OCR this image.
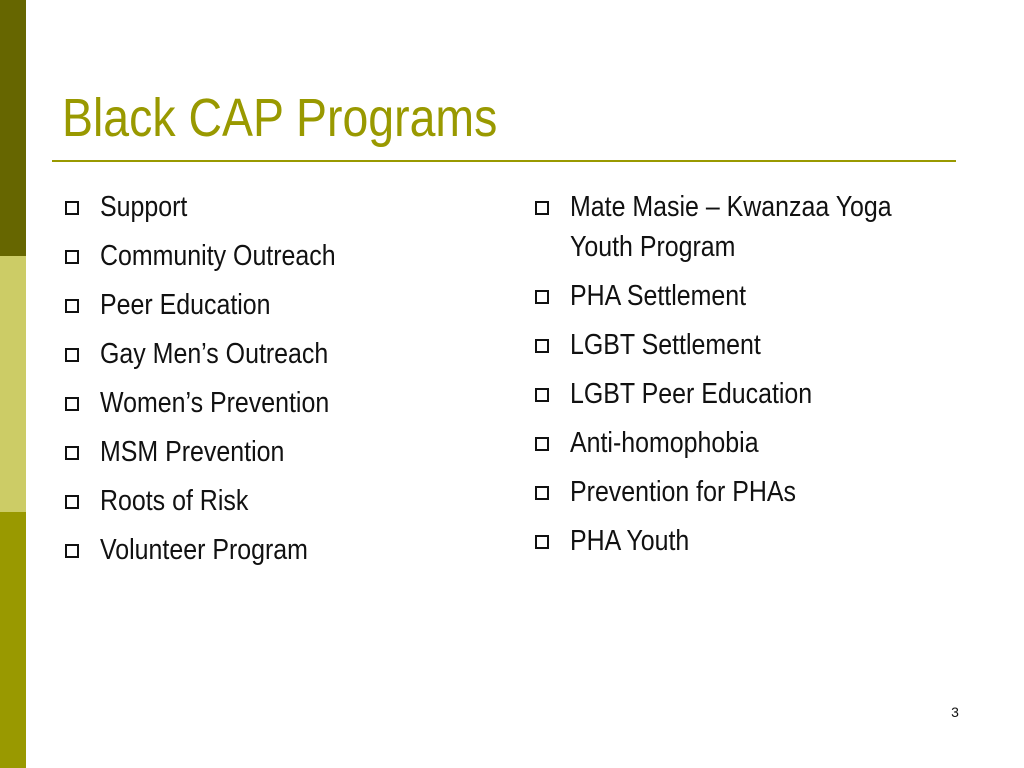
Black CAP Programs
Support
Community Outreach
Peer Education
Gay Men’s Outreach
Women’s Prevention
MSM Prevention
Roots of Risk
Volunteer Program
Mate Masie – Kwanzaa Yoga Youth Program
PHA Settlement
LGBT Settlement
LGBT Peer Education
Anti-homophobia
Prevention for PHAs
PHA Youth
3
